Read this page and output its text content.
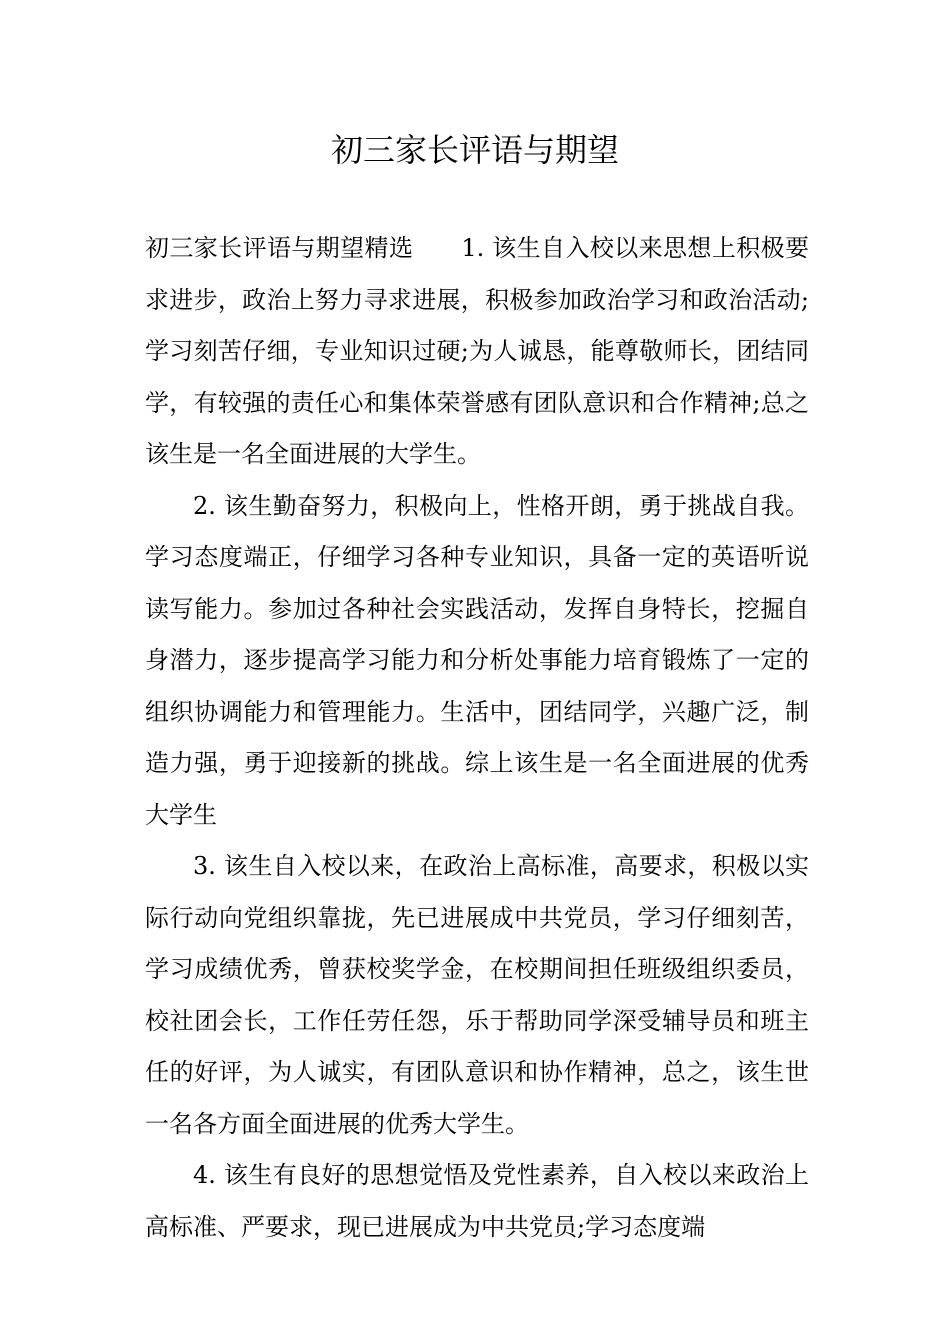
初三家长评语与期望

初三家长评语与期望精选 1. 该生自入校以来思想上积极要求进步，政治上努力寻求进展，积极参加政治学习和政治活动;学习刻苦仔细，专业知识过硬;为人诚恳，能尊敬师长，团结同学，有较强的责任心和集体荣誉感有团队意识和合作精神;总之该生是一名全面进展的大学生。

2. 该生勤奋努力，积极向上，性格开朗，勇于挑战自我。学习态度端正，仔细学习各种专业知识，具备一定的英语听说读写能力。参加过各种社会实践活动，发挥自身特长，挖掘自身潜力，逐步提高学习能力和分析处事能力培育锻炼了一定的组织协调能力和管理能力。生活中，团结同学，兴趣广泛，制造力强，勇于迎接新的挑战。综上该生是一名全面进展的优秀大学生

3. 该生自入校以来，在政治上高标准，高要求，积极以实际行动向党组织靠拢，先已进展成中共党员，学习仔细刻苦，学习成绩优秀，曾获校奖学金，在校期间担任班级组织委员，校社团会长，工作任劳任怨，乐于帮助同学深受辅导员和班主任的好评，为人诚实，有团队意识和协作精神，总之，该生世一名各方面全面进展的优秀大学生。

4. 该生有良好的思想觉悟及党性素养，自入校以来政治上高标准、严要求，现已进展成为中共党员;学习态度端
